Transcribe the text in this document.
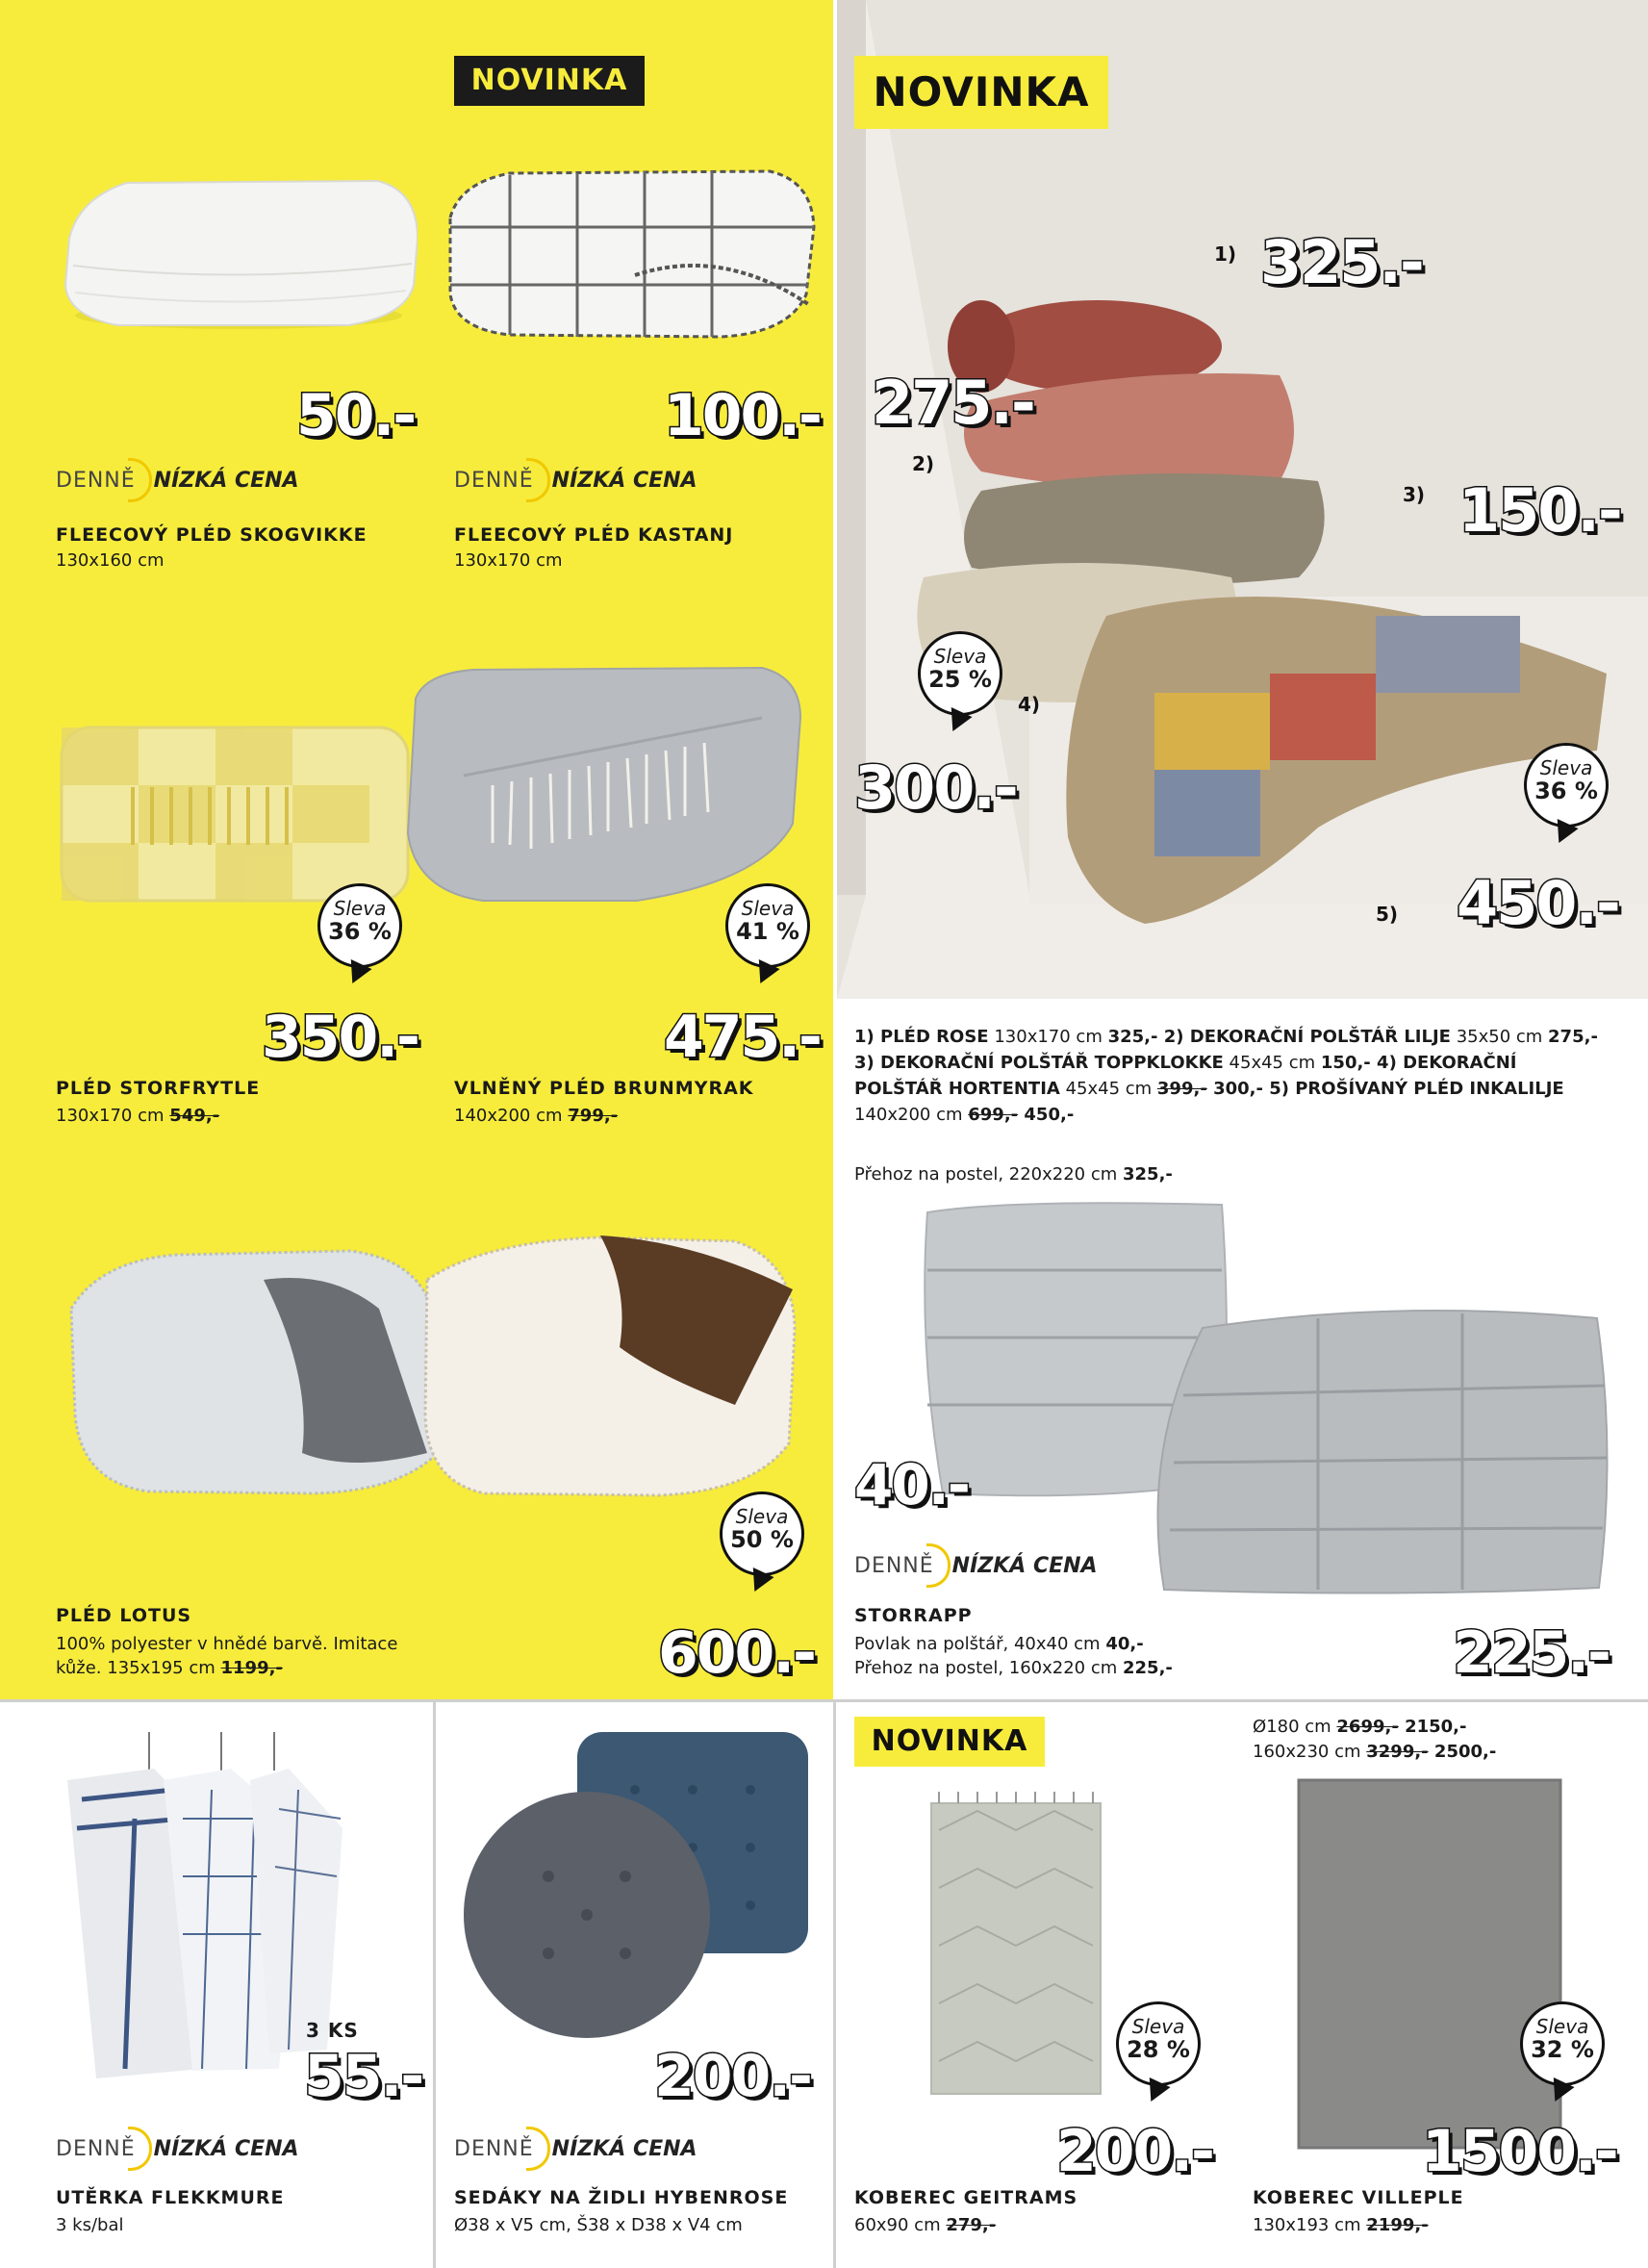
NOVINKA
50.-
DENNĚ NÍZKÁ CENA
FLEECOVÝ PLÉD SKOGVIKKE
130x160 cm
100.-
DENNĚ NÍZKÁ CENA
FLEECOVÝ PLÉD KASTANJ
130x170 cm
Sleva
36 %
350.-
PLÉD STORFRYTLE
130x170 cm 549,-
Sleva
41 %
475.-
VLNĚNÝ PLÉD BRUNMYRAK
140x200 cm 799,-
Sleva
50 %
PLÉD LOTUS
100% polyester v hnědé barvě. Imitace
kůže. 135x195 cm 1199,-	600.-
NOVINKA
1) 325.-
275.-
2)
3) 150.-
Sleva
25 %
4)
300.-	Sleva
36 %
5) 450.-
1) PLÉD ROSE 130x170 cm 325,- 2) DEKORAČNÍ POLŠTÁŘ LILJE 35x50 cm 275,-
3) DEKORAČNÍ POLŠTÁŘ TOPPKLOKKE 45x45 cm 150,- 4) DEKORAČNÍ
POLŠTÁŘ HORTENTIA 45x45 cm 399,- 300,- 5) PROŠÍVANÝ PLÉD INKALILJE
140x200 cm 699,- 450,-
Přehoz na postel, 220x220 cm 325,-
40.-
DENNĚ NÍZKÁ CENA
STORRAPP
Povlak na polštář, 40x40 cm 40,-
Přehoz na postel, 160x220 cm 225,-	225.-
3 KS
55.-
DENNĚ NÍZKÁ CENA
UTĚRKA FLEKKMURE
3 ks/bal
200.-
DENNĚ NÍZKÁ CENA
SEDÁKY NA ŽIDLI HYBENROSE
Ø38 x V5 cm, Š38 x D38 x V4 cm
NOVINKA
Sleva
28 %
200.-
KOBEREC GEITRAMS
60x90 cm 279,-
Ø180 cm 2699,- 2150,-
160x230 cm 3299,- 2500,-
Sleva
32 %
1500.-
KOBEREC VILLEPLE
130x193 cm 2199,-
